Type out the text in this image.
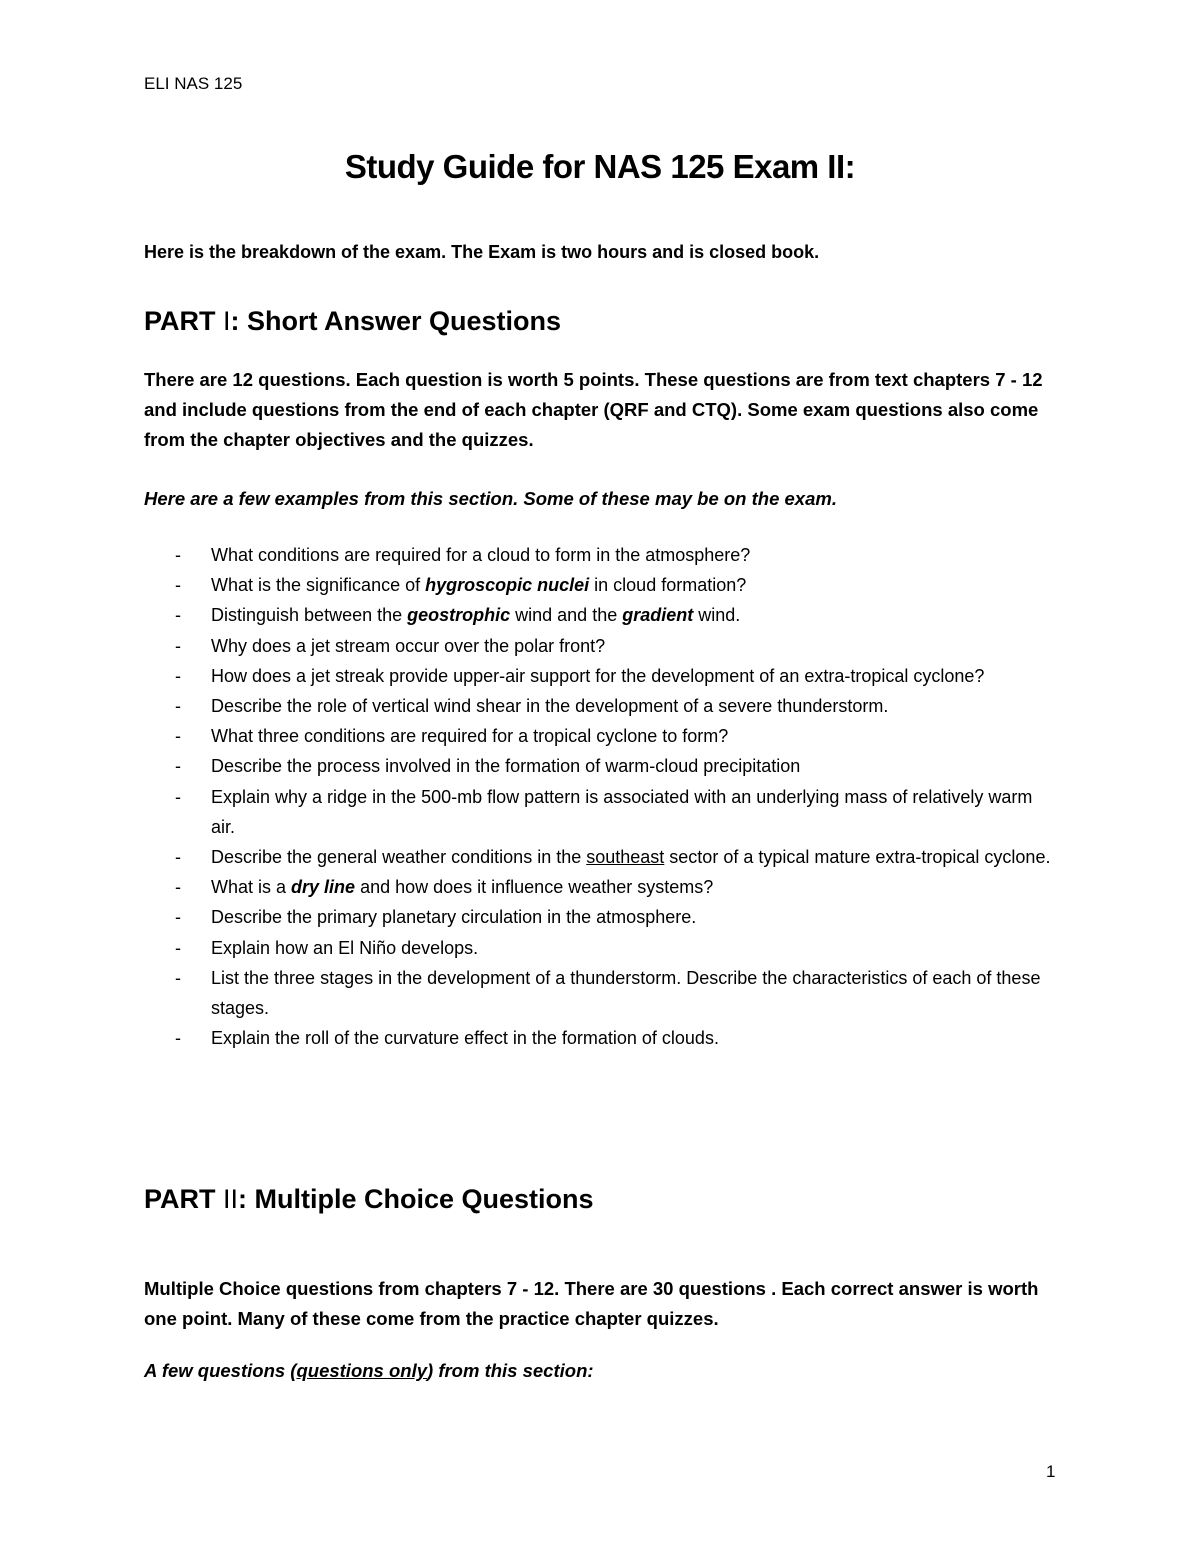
ELI NAS 125
Study Guide for NAS 125 Exam II:
Here is the breakdown of the exam. The Exam is two hours and is closed book.
PART I: Short Answer Questions
There are 12 questions. Each question is worth 5 points. These questions are from text chapters 7 - 12 and include questions from the end of each chapter (QRF and CTQ). Some exam questions also come from the chapter objectives and the quizzes.
Here are a few examples from this section. Some of these may be on the exam.
- What conditions are required for a cloud to form in the atmosphere?
- What is the significance of hygroscopic nuclei in cloud formation?
- Distinguish between the geostrophic wind and the gradient wind.
- Why does a jet stream occur over the polar front?
- How does a jet streak provide upper-air support for the development of an extra-tropical cyclone?
- Describe the role of vertical wind shear in the development of a severe thunderstorm.
- What three conditions are required for a tropical cyclone to form?
- Describe the process involved in the formation of warm-cloud precipitation
- Explain why a ridge in the 500-mb flow pattern is associated with an underlying mass of relatively warm air.
- Describe the general weather conditions in the southeast sector of a typical mature extra-tropical cyclone.
- What is a dry line and how does it influence weather systems?
- Describe the primary planetary circulation in the atmosphere.
- Explain how an El Niño develops.
- List the three stages in the development of a thunderstorm. Describe the characteristics of each of these stages.
- Explain the roll of the curvature effect in the formation of clouds.
PART II: Multiple Choice Questions
Multiple Choice questions from chapters 7 - 12. There are 30 questions . Each correct answer is worth one point. Many of these come from the practice chapter quizzes.
A few questions (questions only) from this section:
1
